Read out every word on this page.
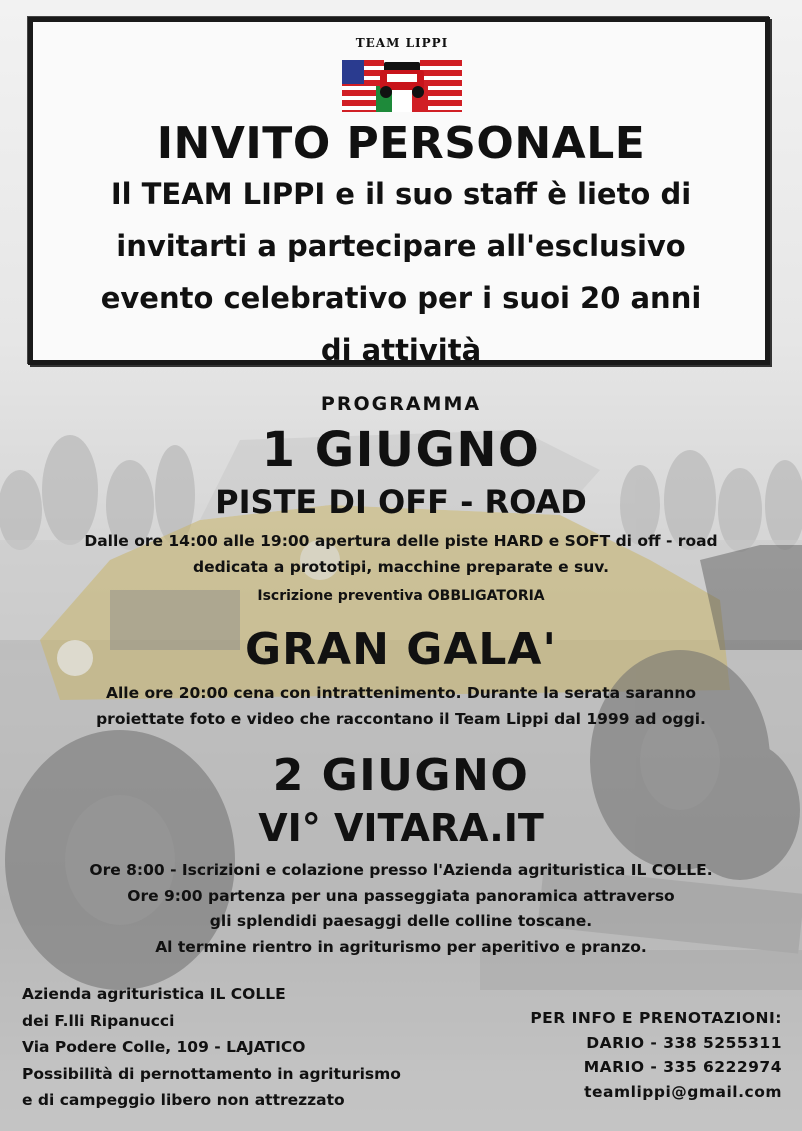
TEAM LIPPI
INVITO PERSONALE
Il TEAM LIPPI e il suo staff è lieto di
invitarti a partecipare all'esclusivo
evento celebrativo per i suoi 20 anni
di attività
PROGRAMMA
1 GIUGNO
PISTE DI OFF - ROAD
Dalle ore 14:00 alle 19:00 apertura delle piste HARD e SOFT di off - road
dedicata a prototipi, macchine preparate e suv.
Iscrizione preventiva OBBLIGATORIA
GRAN GALA'
Alle ore 20:00 cena con intrattenimento. Durante la serata saranno
proiettate foto e video che raccontano il Team Lippi dal 1999 ad oggi.
2 GIUGNO
VI° VITARA.IT
Ore 8:00 - Iscrizioni e colazione presso l'Azienda agrituristica IL COLLE.
Ore 9:00 partenza per una passeggiata panoramica attraverso
gli splendidi paesaggi delle colline toscane.
Al termine rientro in agriturismo per aperitivo e pranzo.
Azienda agrituristica IL COLLE
dei F.lli Ripanucci
Via Podere Colle, 109 - LAJATICO
Possibilità di pernottamento in agriturismo
e di campeggio libero non attrezzato
PER INFO E PRENOTAZIONI:
DARIO - 338 5255311
MARIO - 335 6222974
teamlippi@gmail.com
